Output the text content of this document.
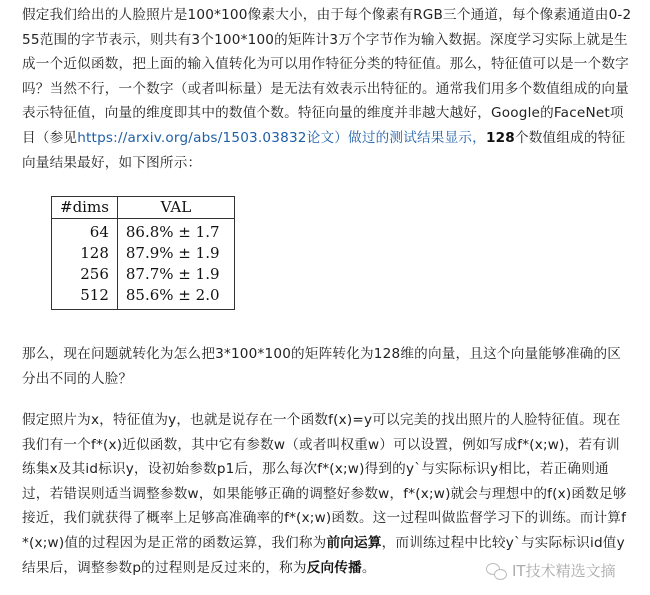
假定我们给出的人脸照片是100*100像素大小，由于每个像素有RGB三个通道，每个像素通道由0-255范围的字节表示，则共有3个100*100的矩阵计3万个字节作为输入数据。深度学习实际上就是生成一个近似函数，把上面的输入值转化为可以用作特征分类的特征值。那么，特征值可以是一个数字吗？当然不行，一个数字（或者叫标量）是无法有效表示出特征的。通常我们用多个数值组成的向量表示特征值，向量的维度即其中的数值个数。特征向量的维度并非越大越好，Google的FaceNet项目（参见https://arxiv.org/abs/1503.03832论文）做过的测试结果显示，128个数值组成的特征向量结果最好，如下图所示：

#dims	VAL
64	86.8% ± 1.7
128	87.9% ± 1.9
256	87.7% ± 1.9
512	85.6% ± 2.0

那么，现在问题就转化为怎么把3*100*100的矩阵转化为128维的向量，且这个向量能够准确的区分出不同的人脸？

假定照片为x，特征值为y，也就是说存在一个函数f(x)=y可以完美的找出照片的人脸特征值。现在我们有一个f*(x)近似函数，其中它有参数w（或者叫权重w）可以设置，例如写成f*(x;w)，若有训练集x及其id标识y，设初始参数p1后，那么每次f*(x;w)得到的y`与实际标识y相比，若正确则通过，若错误则适当调整参数w，如果能够正确的调整好参数w，f*(x;w)就会与理想中的f(x)函数足够接近，我们就获得了概率上足够高准确率的f*(x;w)函数。这一过程叫做监督学习下的训练。而计算f*(x;w)值的过程因为是正常的函数运算，我们称为前向运算，而训练过程中比较y`与实际标识id值y结果后，调整参数p的过程则是反过来的，称为反向传播。	IT技术精选文摘
